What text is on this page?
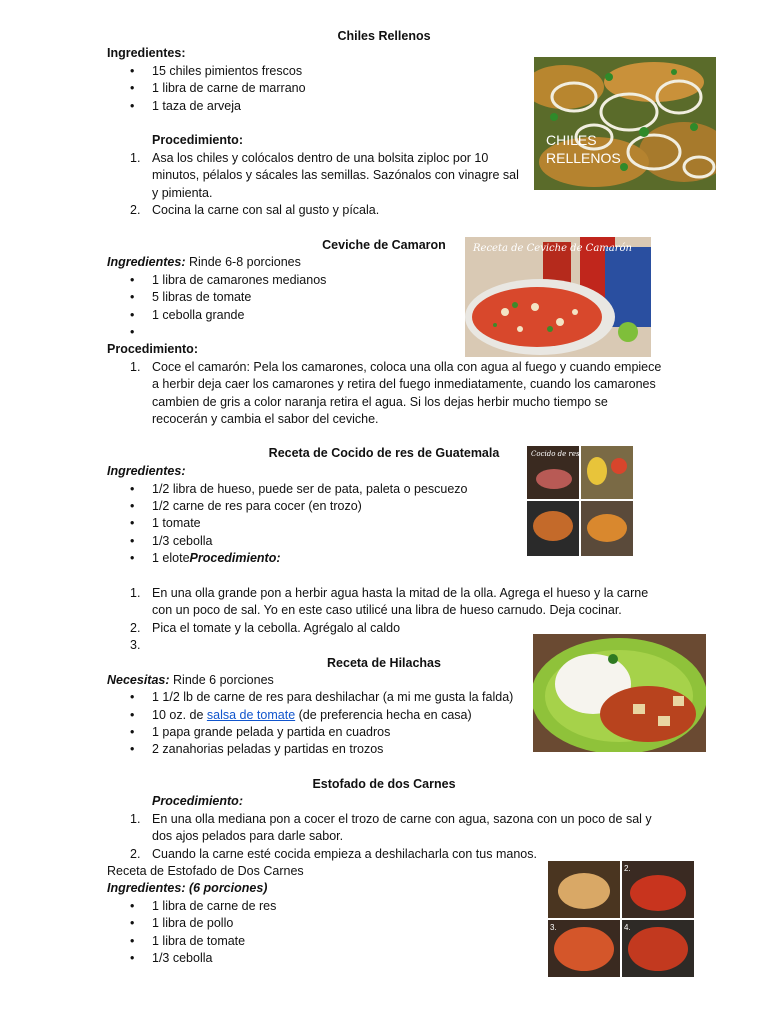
Chiles Rellenos
Ingredientes:
• 15 chiles pimientos frescos
• 1 libra de carne de marrano
• 1 taza de arveja
Procedimiento:
1. Asa los chiles y colócalos dentro de una bolsita ziploc por 10
minutos, pélalos y sácales las semillas. Sazónalos con vinagre sal
y pimienta.
2. Cocina la carne con sal al gusto y pícala.
CHILES
RELLENOS
Ceviche de Camaron
Ingredientes: Rinde 6-8 porciones
• 1 libra de camarones medianos
• 5 libras de tomate
• 1 cebolla grande
Procedimiento:
1. Coce el camarón: Pela los camarones, coloca una olla con agua al fuego y cuando empiece
a herbir deja caer los camarones y retira del fuego inmediatamente, cuando los camarones
cambien de gris a color naranja retira el agua. Si los dejas herbir mucho tiempo se
recocerán y cambia el sabor del ceviche.
Receta de Ceviche de Camarón
Receta de Cocido de res de Guatemala
Ingredientes:
• 1/2 libra de hueso, puede ser de pata, paleta o pescuezo
• 1/2 carne de res para cocer (en trozo)
• 1 tomate
• 1/3 cebolla
• 1 eloteProcedimiento:
1. En una olla grande pon a herbir agua hasta la mitad de la olla. Agrega el hueso y la carne
con un poco de sal. Yo en este caso utilicé una libra de hueso carnudo. Deja cocinar.
2. Pica el tomate y la cebolla. Agrégalo al caldo
3.
Cocido de res
Receta de Hilachas
Necesitas: Rinde 6 porciones
• 1 1/2 lb de carne de res para deshilachar (a mi me gusta la falda)
• 10 oz. de salsa de tomate (de preferencia hecha en casa)
• 1 papa grande pelada y partida en cuadros
• 2 zanahorias peladas y partidas en trozos
Estofado de dos Carnes
Procedimiento:
1. En una olla mediana pon a cocer el trozo de carne con agua, sazona con un poco de sal y
dos ajos pelados para darle sabor.
2. Cuando la carne esté cocida empieza a deshilacharla con tus manos.
Receta de Estofado de Dos Carnes
Ingredientes: (6 porciones)
• 1 libra de carne de res
• 1 libra de pollo
• 1 libra de tomate
• 1/3 cebolla
2.
3.	4.
